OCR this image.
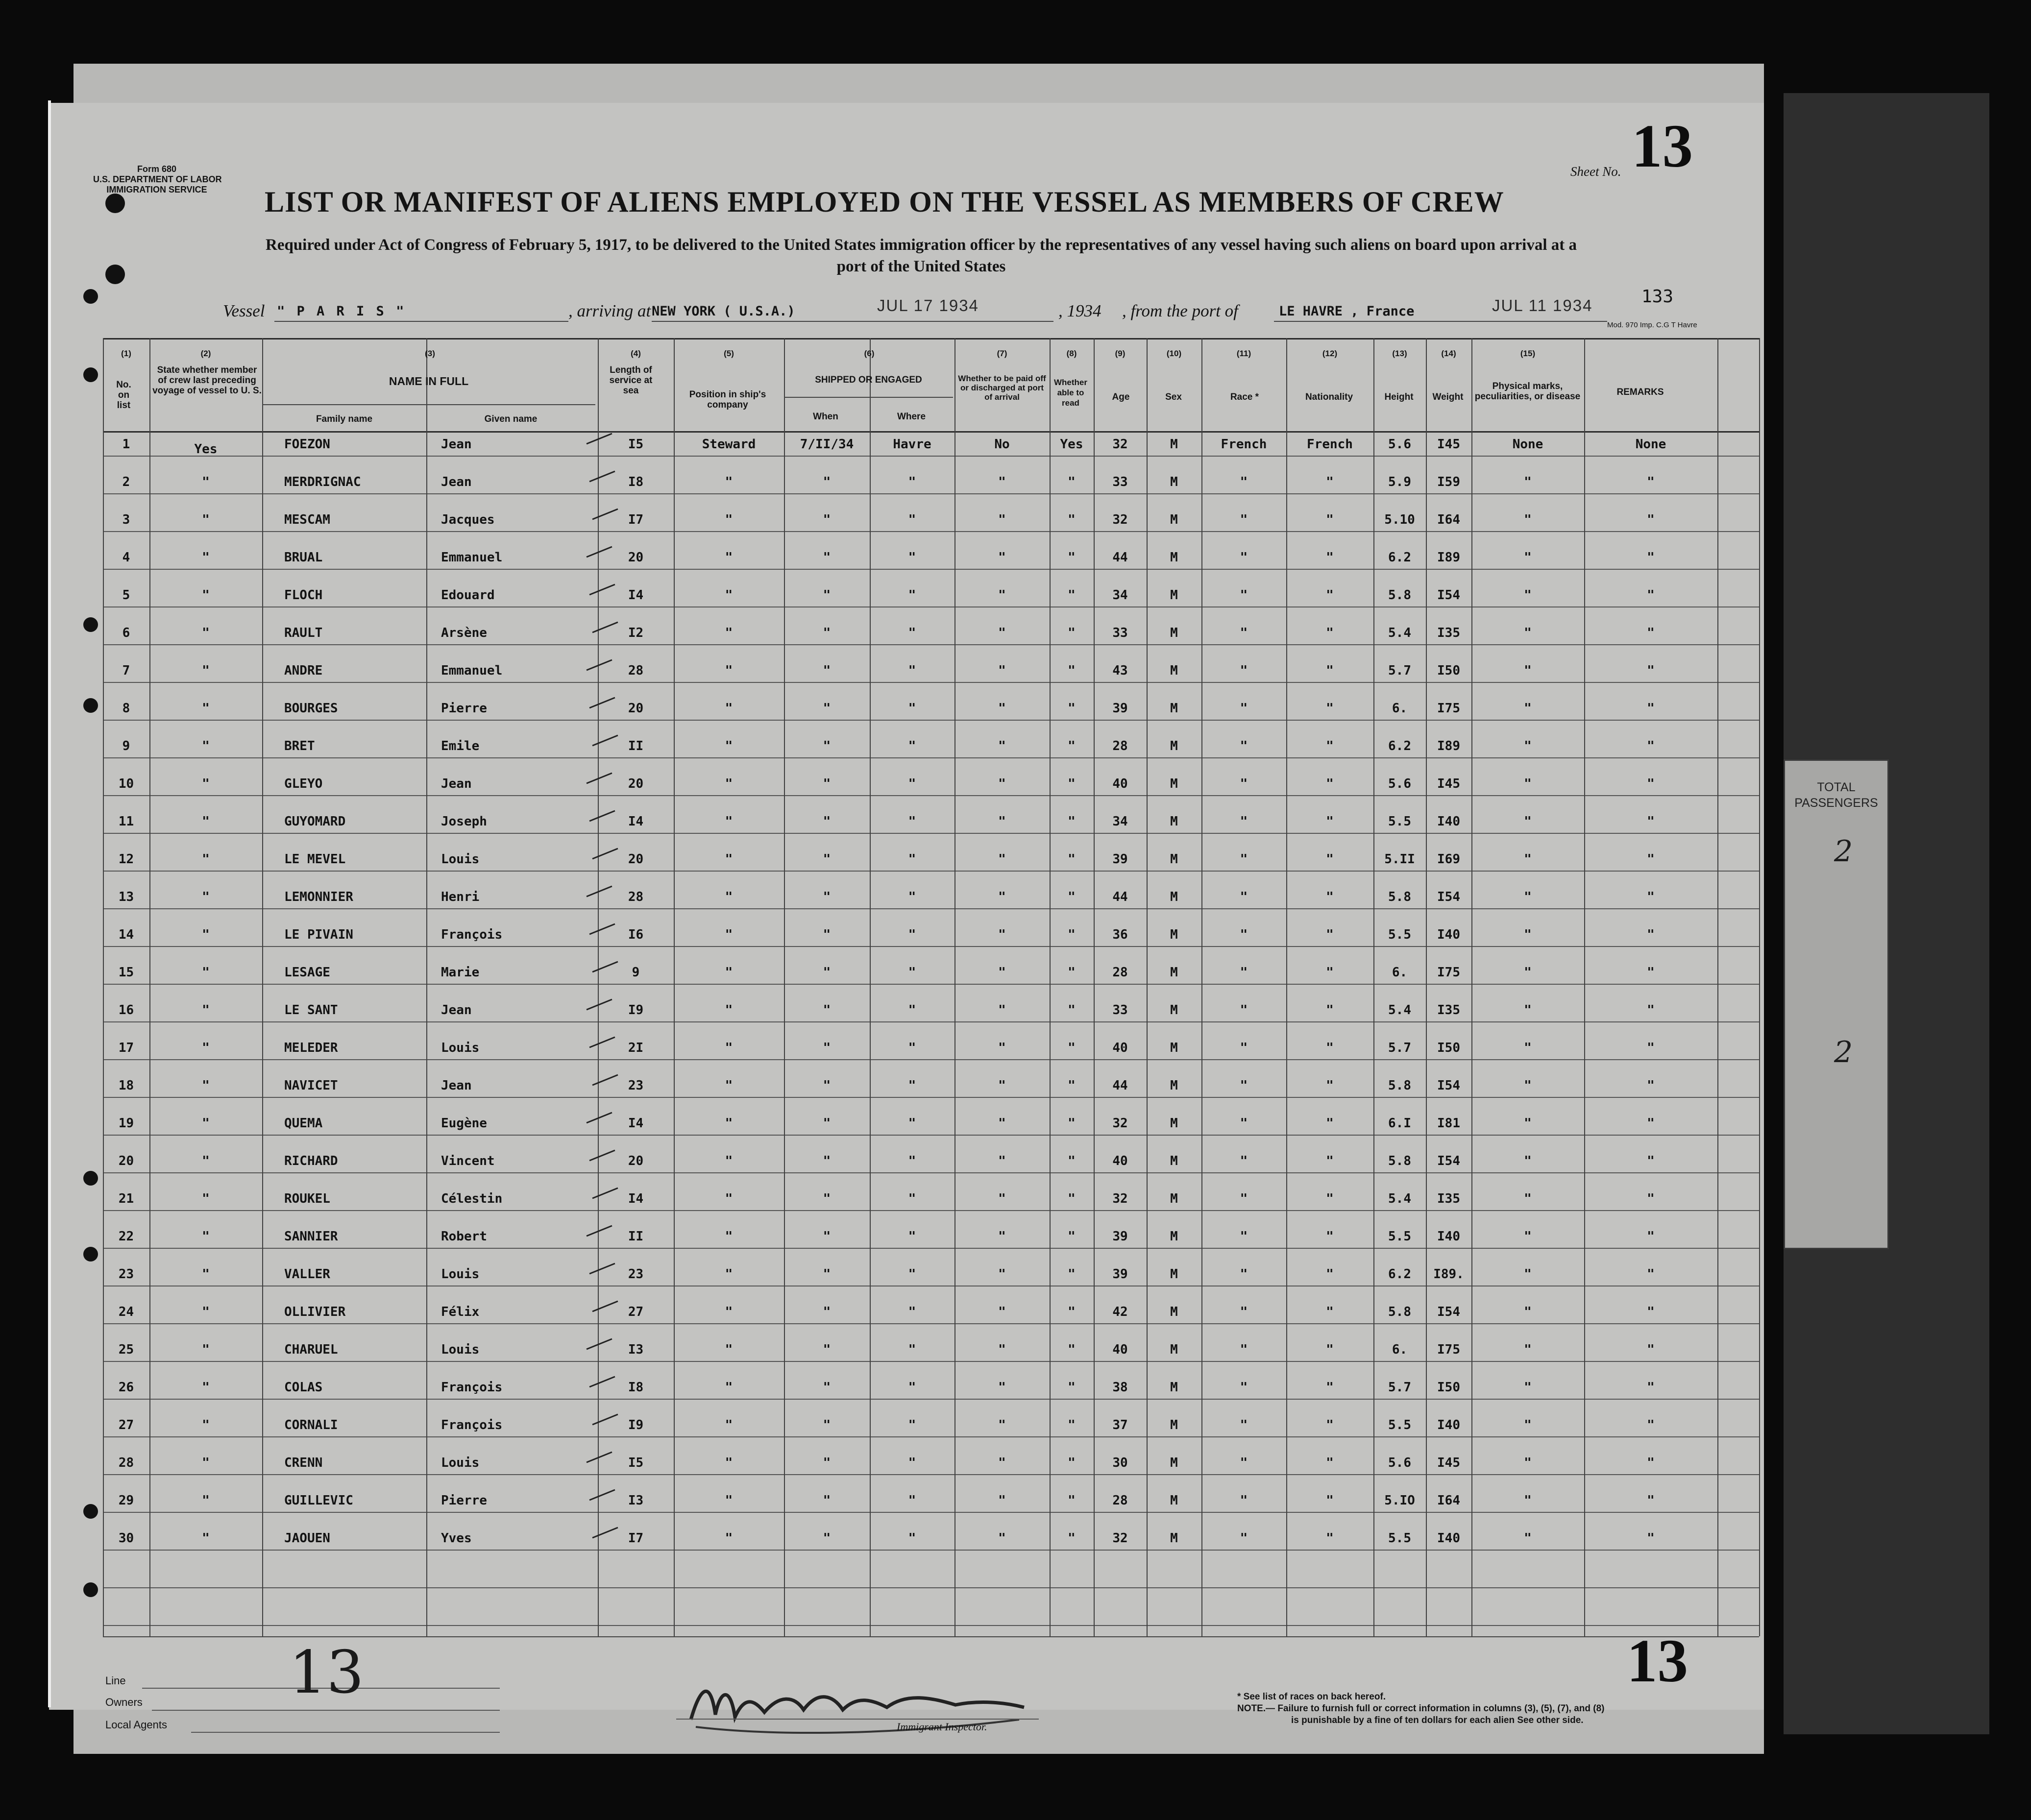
TOTAL
PASSENGERS
2
2
Form 680
U.S. DEPARTMENT OF LABOR
IMMIGRATION SERVICE
Sheet No. 13
LIST OR MANIFEST OF ALIENS EMPLOYED ON THE VESSEL AS MEMBERS OF CREW
Required under Act of Congress of February 5, 1917, to be delivered to the United States immigration officer by the representatives of any vessel having such aliens on board upon arrival at a
port of the United States
Vessel " P A R I S "	, arriving at NEW YORK ( U.S.A.)	JUL 17 1934	, 1934 , from the port of	LE HAVRE , France	JUL 11 1934	133
Mod. 970 Imp. C.G T Havre
(1)	(2)	(3)	(4)	(5)	(6)	(7)	(8)	(9)	(10)	(11)	(12)	(13)	(14)	(15)
No. on list
State whether member of crew last preceding voyage of vessel to U. S.
NAME IN FULL
Family name	Given name
Length of service at sea	Position in ship's company
SHIPPED OR ENGAGED
When	Where
Whether to be paid off or discharged at port of arrival
Whether able to read
Age	Sex	Race *	Nationality	Height	Weight
Physical marks, peculiarities, or disease	REMARKS
1	Yes	FOEZON	Jean	I5	Steward	7/II/34	Havre	No	Yes	32	M	French	French	5.6	I45	None	None
2	"	MERDRIGNAC	Jean	I8	"	"	"	"	"	33	M	"	"	5.9	I59	"	"
3	"	MESCAM	Jacques	I7	"	"	"	"	"	32	M	"	"	5.10	I64	"	"
4	"	BRUAL	Emmanuel	20	"	"	"	"	"	44	M	"	"	6.2	I89	"	"
5	"	FLOCH	Edouard	I4	"	"	"	"	"	34	M	"	"	5.8	I54	"	"
6	"	RAULT	Arsène	I2	"	"	"	"	"	33	M	"	"	5.4	I35	"	"
7	"	ANDRE	Emmanuel	28	"	"	"	"	"	43	M	"	"	5.7	I50	"	"
8	"	BOURGES	Pierre	20	"	"	"	"	"	39	M	"	"	6.	I75	"	"
9	"	BRET	Emile	II	"	"	"	"	"	28	M	"	"	6.2	I89	"	"
10	"	GLEYO	Jean	20	"	"	"	"	"	40	M	"	"	5.6	I45	"	"
11	"	GUYOMARD	Joseph	I4	"	"	"	"	"	34	M	"	"	5.5	I40	"	"
12	"	LE MEVEL	Louis	20	"	"	"	"	"	39	M	"	"	5.II	I69	"	"
13	"	LEMONNIER	Henri	28	"	"	"	"	"	44	M	"	"	5.8	I54	"	"
14	"	LE PIVAIN	François	I6	"	"	"	"	"	36	M	"	"	5.5	I40	"	"
15	"	LESAGE	Marie	9	"	"	"	"	"	28	M	"	"	6.	I75	"	"
16	"	LE SANT	Jean	I9	"	"	"	"	"	33	M	"	"	5.4	I35	"	"
17	"	MELEDER	Louis	2I	"	"	"	"	"	40	M	"	"	5.7	I50	"	"
18	"	NAVICET	Jean	23	"	"	"	"	"	44	M	"	"	5.8	I54	"	"
19	"	QUEMA	Eugène	I4	"	"	"	"	"	32	M	"	"	6.I	I81	"	"
20	"	RICHARD	Vincent	20	"	"	"	"	"	40	M	"	"	5.8	I54	"	"
21	"	ROUKEL	Célestin	I4	"	"	"	"	"	32	M	"	"	5.4	I35	"	"
22	"	SANNIER	Robert	II	"	"	"	"	"	39	M	"	"	5.5	I40	"	"
23	"	VALLER	Louis	23	"	"	"	"	"	39	M	"	"	6.2	I89.	"	"
24	"	OLLIVIER	Félix	27	"	"	"	"	"	42	M	"	"	5.8	I54	"	"
25	"	CHARUEL	Louis	I3	"	"	"	"	"	40	M	"	"	6.	I75	"	"
26	"	COLAS	François	I8	"	"	"	"	"	38	M	"	"	5.7	I50	"	"
27	"	CORNALI	François	I9	"	"	"	"	"	37	M	"	"	5.5	I40	"	"
28	"	CRENN	Louis	I5	"	"	"	"	"	30	M	"	"	5.6	I45	"	"
29	"	GUILLEVIC	Pierre	I3	"	"	"	"	"	28	M	"	"	5.IO	I64	"	"
30	"	JAOUEN	Yves	I7	"	"	"	"	"	32	M	"	"	5.5	I40	"	"
Line
Owners
Local Agents
13
Immigrant Inspector.
* See list of races on back hereof.
NOTE.— Failure to furnish full or correct information in columns (3), (5), (7), and (8)
is punishable by a fine of ten dollars for each alien See other side.
13
